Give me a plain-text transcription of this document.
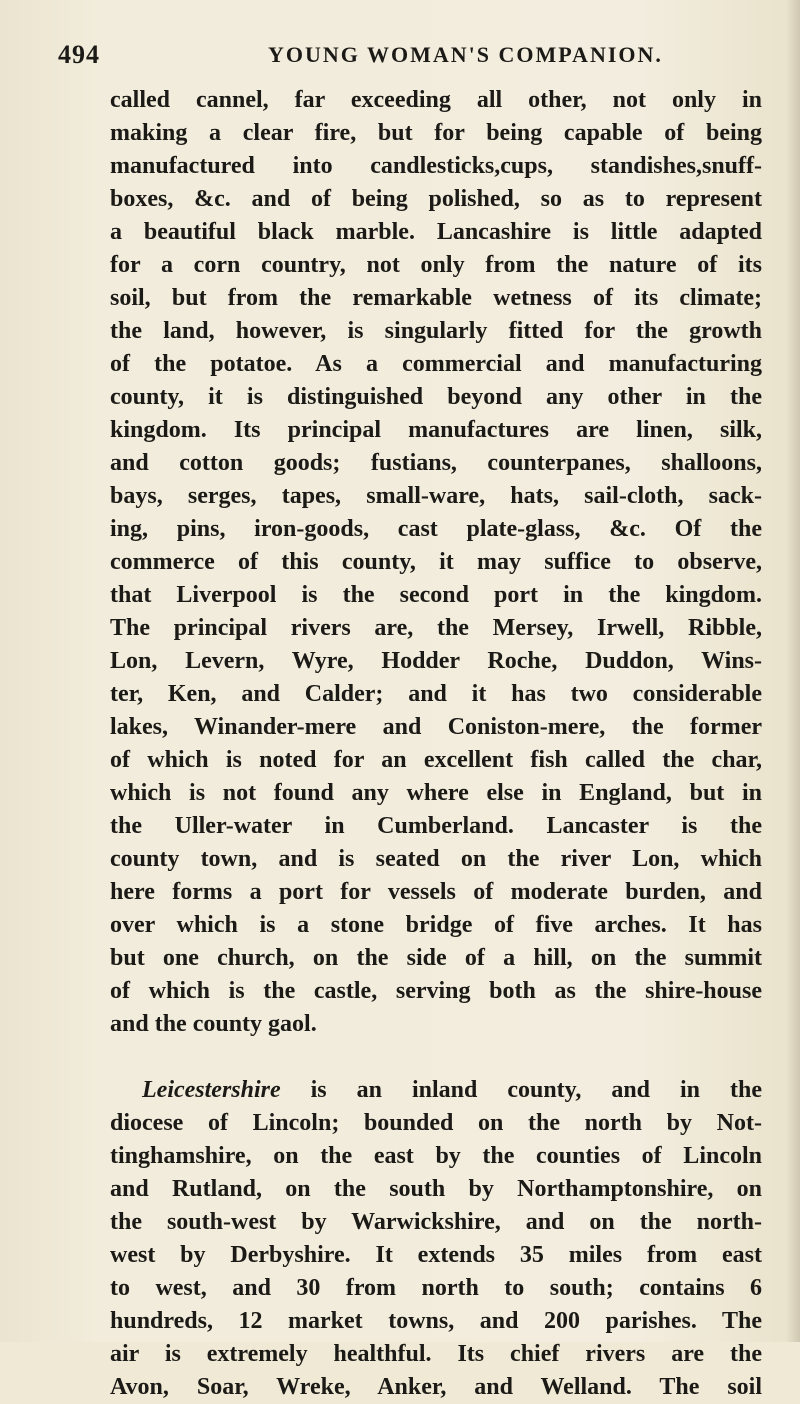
494	YOUNG WOMAN'S COMPANION.
called cannel, far exceeding all other, not only in
making a clear fire, but for being capable of being
manufactured into candlesticks,cups, standishes,snuff-
boxes, &c. and of being polished, so as to represent
a beautiful black marble. Lancashire is little adapted
for a corn country, not only from the nature of its
soil, but from the remarkable wetness of its climate;
the land, however, is singularly fitted for the growth
of the potatoe. As a commercial and manufacturing
county, it is distinguished beyond any other in the
kingdom. Its principal manufactures are linen, silk,
and cotton goods; fustians, counterpanes, shalloons,
bays, serges, tapes, small-ware, hats, sail-cloth, sack-
ing, pins, iron-goods, cast plate-glass, &c. Of the
commerce of this county, it may suffice to observe,
that Liverpool is the second port in the kingdom.
The principal rivers are, the Mersey, Irwell, Ribble,
Lon, Levern, Wyre, Hodder Roche, Duddon, Wins-
ter, Ken, and Calder; and it has two considerable
lakes, Winander-mere and Coniston-mere, the former
of which is noted for an excellent fish called the char,
which is not found any where else in England, but in
the Uller-water in Cumberland. Lancaster is the
county town, and is seated on the river Lon, which
here forms a port for vessels of moderate burden, and
over which is a stone bridge of five arches. It has
but one church, on the side of a hill, on the summit
of which is the castle, serving both as the shire-house
and the county gaol.
Leicestershire is an inland county, and in the
diocese of Lincoln; bounded on the north by Not-
tinghamshire, on the east by the counties of Lincoln
and Rutland, on the south by Northamptonshire, on
the south-west by Warwickshire, and on the north-
west by Derbyshire. It extends 35 miles from east
to west, and 30 from north to south; contains 6
hundreds, 12 market towns, and 200 parishes. The
air is extremely healthful. Its chief rivers are the
Avon, Soar, Wreke, Anker, and Welland. The soil
